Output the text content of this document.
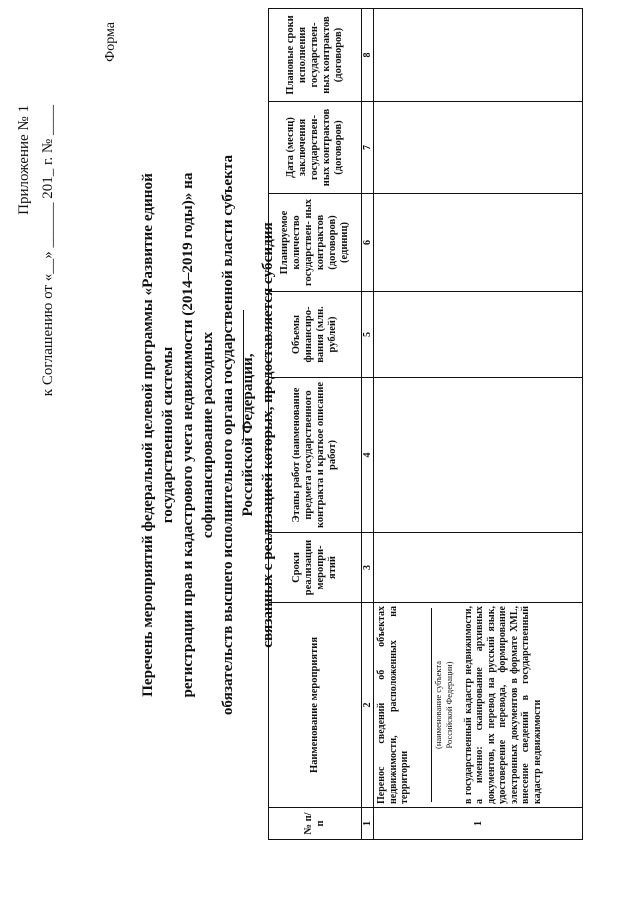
Приложение № 1 к Соглашению от «__» ______ 201_ г. № ____
Форма
Перечень мероприятий федеральной целевой программы «Развитие единой государственной системы регистрации прав и кадастрового учета недвижимости (2014–2019 годы)» на софинансирование расходных обязательств высшего исполнительного органа государственной власти субъекта Российской Федерации, связанных с реализацией которых, предоставляется субсидия
№ п/п	Наименование мероприятия	Сроки реализации меропри- ятий	Этапы работ (наименование предмета государственного контракта и краткое описание работ)	Объемы финансиро- вания (млн. рублей)	Планируемое количество государствен- ных контрактов (договоров) (единиц)	Дата (месяц) заключения государствен- ных контрактов (договоров)	Плановые сроки исполнения государствен- ных контрактов (договоров)
1	2	3	4	5	6	7	8
1	Перенос сведений об объектах недвижимости, расположенных на территории
(наименование субъекта Российской Федерации) в государственный кадастр недвижимости, а именно: сканирование архивных документов, их перевод на русский язык, удостоверение перевода, формирование электронных документов в формате XML, внесение сведений в государственный кадастр недвижимости						
